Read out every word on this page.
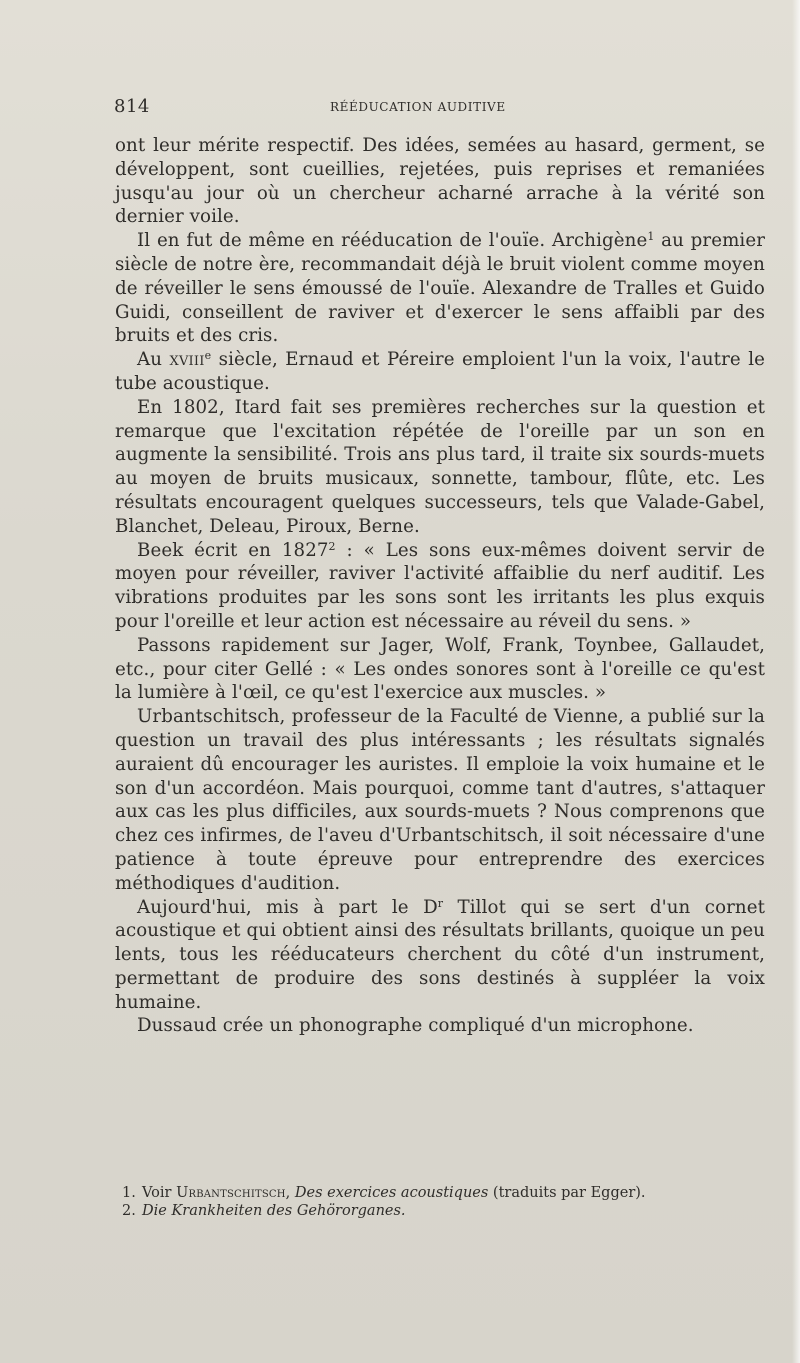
814	RÉÉDUCATION AUDITIVE

ont leur mérite respectif. Des idées, semées au hasard, germent, se développent, sont cueillies, rejetées, puis reprises et remaniées jusqu'au jour où un chercheur acharné arrache à la vérité son dernier voile.

Il en fut de même en rééducation de l'ouïe. Archigène$^1$ au premier siècle de notre ère, recommandait déjà le bruit violent comme moyen de réveiller le sens émoussé de l'ouïe. Alexandre de Tralles et Guido Guidi, conseillent de raviver et d'exercer le sens affaibli par des bruits et des cris.

Au xviii$^e$ siècle, Ernaud et Péreire emploient l'un la voix, l'autre le tube acoustique.

En 1802, Itard fait ses premières recherches sur la question et remarque que l'excitation répétée de l'oreille par un son en augmente la sensibilité. Trois ans plus tard, il traite six sourds-muets au moyen de bruits musicaux, sonnette, tambour, flûte, etc. Les résultats encouragent quelques successeurs, tels que Valade-Gabel, Blanchet, Deleau, Piroux, Berne.

Beek écrit en 1827$^2$ : « Les sons eux-mêmes doivent servir de moyen pour réveiller, raviver l'activité affaiblie du nerf auditif. Les vibrations produites par les sons sont les irritants les plus exquis pour l'oreille et leur action est nécessaire au réveil du sens. »

Passons rapidement sur Jager, Wolf, Frank, Toynbee, Gallaudet, etc., pour citer Gellé : « Les ondes sonores sont à l'oreille ce qu'est la lumière à l'œil, ce qu'est l'exercice aux muscles. »

Urbantschitsch, professeur de la Faculté de Vienne, a publié sur la question un travail des plus intéressants ; les résultats signalés auraient dû encourager les auristes. Il emploie la voix humaine et le son d'un accordéon. Mais pourquoi, comme tant d'autres, s'attaquer aux cas les plus difficiles, aux sourds-muets ? Nous comprenons que chez ces infirmes, de l'aveu d'Urbantschitsch, il soit nécessaire d'une patience à toute épreuve pour entreprendre des exercices méthodiques d'audition.

Aujourd'hui, mis à part le $D^r$ Tillot qui se sert d'un cornet acoustique et qui obtient ainsi des résultats brillants, quoique un peu lents, tous les rééducateurs cherchent du côté d'un instrument, permettant de produire des sons destinés à suppléer la voix humaine.

Dussaud crée un phonographe compliqué d'un microphone.

1. Voir Urbantschitsch, Des exercices acoustiques (traduits par Egger).

2. Die Krankheiten des Gehörorganes.
